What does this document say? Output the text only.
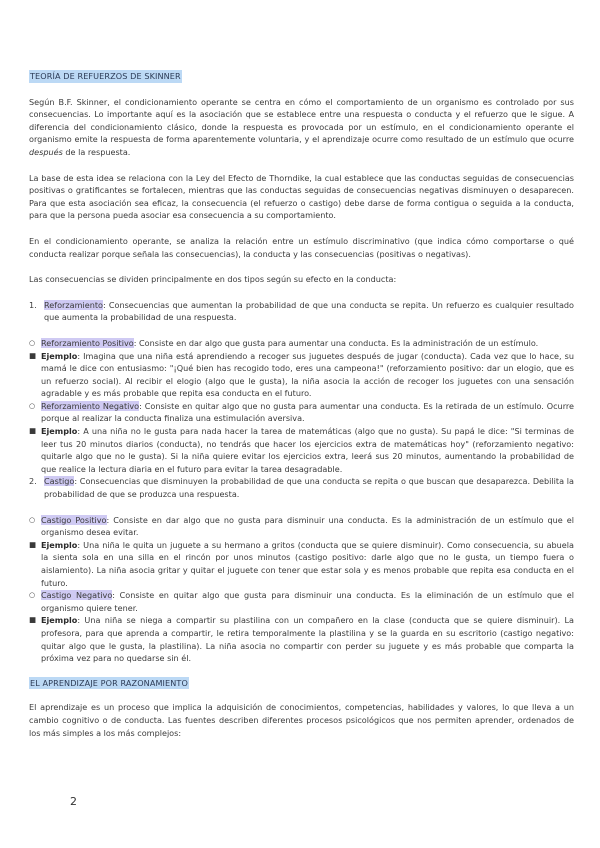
TEORÍA DE REFUERZOS DE SKINNER

Según B.F. Skinner, el condicionamiento operante se centra en cómo el comportamiento de un organismo es controlado por sus consecuencias. Lo importante aquí es la asociación que se establece entre una respuesta o conducta y el refuerzo que le sigue. A diferencia del condicionamiento clásico, donde la respuesta es provocada por un estímulo, en el condicionamiento operante el organismo emite la respuesta de forma aparentemente voluntaria, y el aprendizaje ocurre como resultado de un estímulo que ocurre después de la respuesta.

La base de esta idea se relaciona con la Ley del Efecto de Thorndike, la cual establece que las conductas seguidas de consecuencias positivas o gratificantes se fortalecen, mientras que las conductas seguidas de consecuencias negativas disminuyen o desaparecen. Para que esta asociación sea eficaz, la consecuencia (el refuerzo o castigo) debe darse de forma contigua o seguida a la conducta, para que la persona pueda asociar esa consecuencia a su comportamiento.

En el condicionamiento operante, se analiza la relación entre un estímulo discriminativo (que indica cómo comportarse o qué conducta realizar porque señala las consecuencias), la conducta y las consecuencias (positivas o negativas).

Las consecuencias se dividen principalmente en dos tipos según su efecto en la conducta:

1. Reforzamiento: Consecuencias que aumentan la probabilidad de que una conducta se repita. Un refuerzo es cualquier resultado que aumenta la probabilidad de una respuesta.
○ Reforzamiento Positivo: Consiste en dar algo que gusta para aumentar una conducta. Es la administración de un estímulo.
■ Ejemplo: Imagina que una niña está aprendiendo a recoger sus juguetes después de jugar (conducta). Cada vez que lo hace, su mamá le dice con entusiasmo: "¡Qué bien has recogido todo, eres una campeona!" (reforzamiento positivo: dar un elogio, que es un refuerzo social). Al recibir el elogio (algo que le gusta), la niña asocia la acción de recoger los juguetes con una sensación agradable y es más probable que repita esa conducta en el futuro.
○ Reforzamiento Negativo: Consiste en quitar algo que no gusta para aumentar una conducta. Es la retirada de un estímulo. Ocurre porque al realizar la conducta finaliza una estimulación aversiva.
■ Ejemplo: A una niña no le gusta para nada hacer la tarea de matemáticas (algo que no gusta). Su papá le dice: "Si terminas de leer tus 20 minutos diarios (conducta), no tendrás que hacer los ejercicios extra de matemáticas hoy" (reforzamiento negativo: quitarle algo que no le gusta). Si la niña quiere evitar los ejercicios extra, leerá sus 20 minutos, aumentando la probabilidad de que realice la lectura diaria en el futuro para evitar la tarea desagradable.
2. Castigo: Consecuencias que disminuyen la probabilidad de que una conducta se repita o que buscan que desaparezca. Debilita la probabilidad de que se produzca una respuesta.
○ Castigo Positivo: Consiste en dar algo que no gusta para disminuir una conducta. Es la administración de un estímulo que el organismo desea evitar.
■ Ejemplo: Una niña le quita un juguete a su hermano a gritos (conducta que se quiere disminuir). Como consecuencia, su abuela la sienta sola en una silla en el rincón por unos minutos (castigo positivo: darle algo que no le gusta, un tiempo fuera o aislamiento). La niña asocia gritar y quitar el juguete con tener que estar sola y es menos probable que repita esa conducta en el futuro.
○ Castigo Negativo: Consiste en quitar algo que gusta para disminuir una conducta. Es la eliminación de un estímulo que el organismo quiere tener.
■ Ejemplo: Una niña se niega a compartir su plastilina con un compañero en la clase (conducta que se quiere disminuir). La profesora, para que aprenda a compartir, le retira temporalmente la plastilina y se la guarda en su escritorio (castigo negativo: quitar algo que le gusta, la plastilina). La niña asocia no compartir con perder su juguete y es más probable que comparta la próxima vez para no quedarse sin él.
EL APRENDIZAJE POR RAZONAMIENTO

El aprendizaje es un proceso que implica la adquisición de conocimientos, competencias, habilidades y valores, lo que lleva a un cambio cognitivo o de conducta. Las fuentes describen diferentes procesos psicológicos que nos permiten aprender, ordenados de los más simples a los más complejos:

2
